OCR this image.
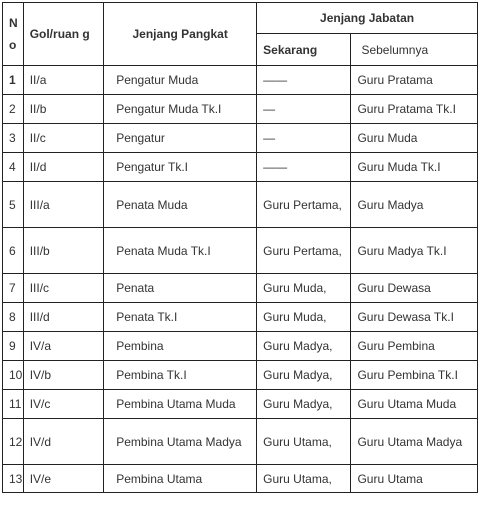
N o	Gol/ruan g	Jenjang Pangkat	Jenjang Jabatan	
			Sekarang	Sebelumnya
1	II/a	Pengatur Muda	——	Guru Pratama
2	II/b	Pengatur Muda Tk.I	—	Guru Pratama Tk.I
3	II/c	Pengatur	—	Guru Muda
4	II/d	Pengatur Tk.I	——	Guru Muda Tk.I
5	III/a	Penata Muda	Guru Pertama,	Guru Madya
6	III/b	Penata Muda Tk.I	Guru Pertama,	Guru Madya Tk.I
7	III/c	Penata	Guru Muda,	Guru Dewasa
8	III/d	Penata Tk.I	Guru Muda,	Guru Dewasa Tk.I
9	IV/a	Pembina	Guru Madya,	Guru Pembina
10	IV/b	Pembina Tk.I	Guru Madya,	Guru Pembina Tk.I
11	IV/c	Pembina Utama Muda	Guru Madya,	Guru Utama Muda
12	IV/d	Pembina Utama Madya	Guru Utama,	Guru Utama Madya
13	IV/e	Pembina Utama	Guru Utama,	Guru Utama
